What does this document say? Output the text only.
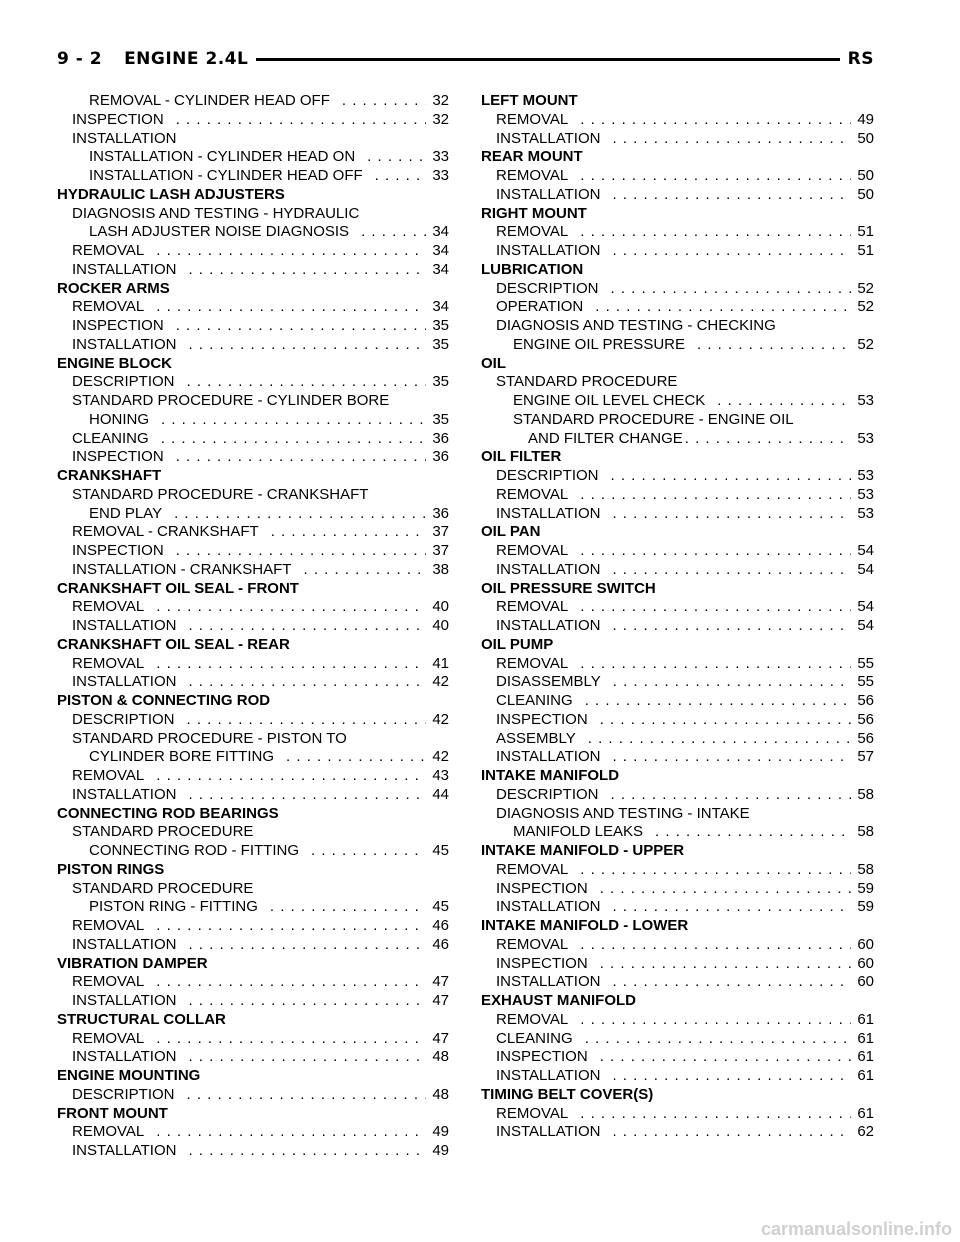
9 - 2 ENGINE 2.4L	RS
REMOVAL - CYLINDER HEAD OFF . . .	32
INSPECTION . . .	32
INSTALLATION
INSTALLATION - CYLINDER HEAD ON . . .	33
INSTALLATION - CYLINDER HEAD OFF . . .	33
HYDRAULIC LASH ADJUSTERS
DIAGNOSIS AND TESTING - HYDRAULIC
LASH ADJUSTER NOISE DIAGNOSIS . . .	34
REMOVAL . . .	34
INSTALLATION . . .	34
ROCKER ARMS
REMOVAL . . .	34
INSPECTION . . .	35
INSTALLATION . . .	35
ENGINE BLOCK
DESCRIPTION . . .	35
STANDARD PROCEDURE - CYLINDER BORE
HONING . . .	35
CLEANING . . .	36
INSPECTION . . .	36
CRANKSHAFT
STANDARD PROCEDURE - CRANKSHAFT
END PLAY . . .	36
REMOVAL - CRANKSHAFT . . .	37
INSPECTION . . .	37
INSTALLATION - CRANKSHAFT . . .	38
CRANKSHAFT OIL SEAL - FRONT
REMOVAL . . .	40
INSTALLATION . . .	40
CRANKSHAFT OIL SEAL - REAR
REMOVAL . . .	41
INSTALLATION . . .	42
PISTON & CONNECTING ROD
DESCRIPTION . . .	42
STANDARD PROCEDURE - PISTON TO
CYLINDER BORE FITTING . . .	42
REMOVAL . . .	43
INSTALLATION . . .	44
CONNECTING ROD BEARINGS
STANDARD PROCEDURE
CONNECTING ROD - FITTING . . .	45
PISTON RINGS
STANDARD PROCEDURE
PISTON RING - FITTING . . .	45
REMOVAL . . .	46
INSTALLATION . . .	46
VIBRATION DAMPER
REMOVAL . . .	47
INSTALLATION . . .	47
STRUCTURAL COLLAR
REMOVAL . . .	47
INSTALLATION . . .	48
ENGINE MOUNTING
DESCRIPTION . . .	48
FRONT MOUNT
REMOVAL . . .	49
INSTALLATION . . .	49
LEFT MOUNT
REMOVAL . . .	49
INSTALLATION . . .	50
REAR MOUNT
REMOVAL . . .	50
INSTALLATION . . .	50
RIGHT MOUNT
REMOVAL . . .	51
INSTALLATION . . .	51
LUBRICATION
DESCRIPTION . . .	52
OPERATION . . .	52
DIAGNOSIS AND TESTING - CHECKING
ENGINE OIL PRESSURE . . .	52
OIL
STANDARD PROCEDURE
ENGINE OIL LEVEL CHECK . . .	53
STANDARD PROCEDURE - ENGINE OIL
AND FILTER CHANGE . . .	53
OIL FILTER
DESCRIPTION . . .	53
REMOVAL . . .	53
INSTALLATION . . .	53
OIL PAN
REMOVAL . . .	54
INSTALLATION . . .	54
OIL PRESSURE SWITCH
REMOVAL . . .	54
INSTALLATION . . .	54
OIL PUMP
REMOVAL . . .	55
DISASSEMBLY . . .	55
CLEANING . . .	56
INSPECTION . . .	56
ASSEMBLY . . .	56
INSTALLATION . . .	57
INTAKE MANIFOLD
DESCRIPTION . . .	58
DIAGNOSIS AND TESTING - INTAKE
MANIFOLD LEAKS . . .	58
INTAKE MANIFOLD - UPPER
REMOVAL . . .	58
INSPECTION . . .	59
INSTALLATION . . .	59
INTAKE MANIFOLD - LOWER
REMOVAL . . .	60
INSPECTION . . .	60
INSTALLATION . . .	60
EXHAUST MANIFOLD
REMOVAL . . .	61
CLEANING . . .	61
INSPECTION . . .	61
INSTALLATION . . .	61
TIMING BELT COVER(S)
REMOVAL . . .	61
INSTALLATION . . .	62
carmanualsonline.info
